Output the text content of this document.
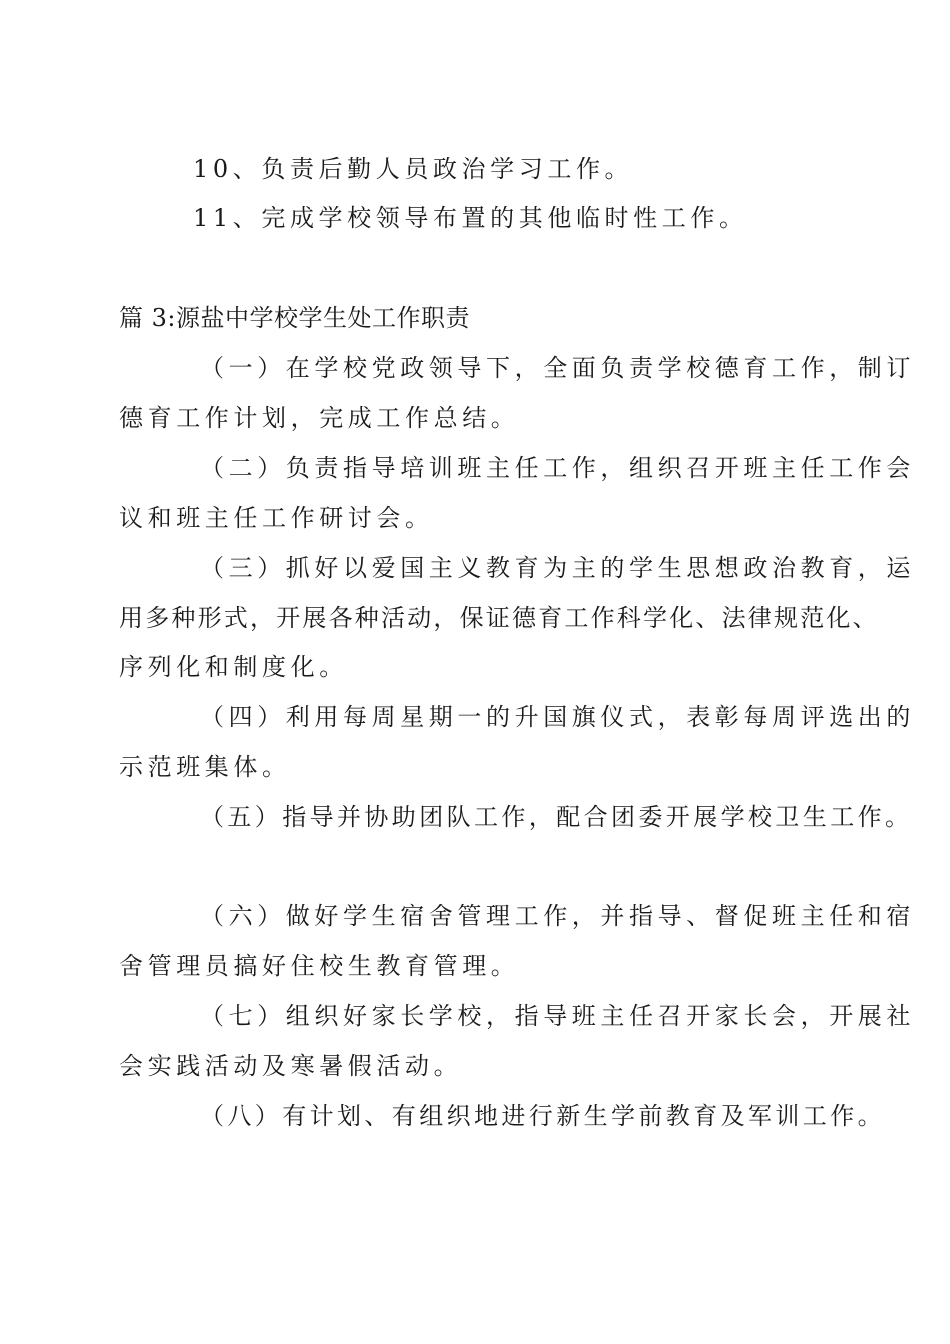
10、负责后勤人员政治学习工作。
11、完成学校领导布置的其他临时性工作。
篇 3:源盐中学校学生处工作职责
（一）在学校党政领导下，全面负责学校德育工作，制订
德育工作计划，完成工作总结。
（二）负责指导培训班主任工作，组织召开班主任工作会
议和班主任工作研讨会。
（三）抓好以爱国主义教育为主的学生思想政治教育，运
用多种形式，开展各种活动，保证德育工作科学化、法律规范化、
序列化和制度化。
（四）利用每周星期一的升国旗仪式，表彰每周评选出的
示范班集体。
（五）指导并协助团队工作，配合团委开展学校卫生工作。
（六）做好学生宿舍管理工作，并指导、督促班主任和宿
舍管理员搞好住校生教育管理。
（七）组织好家长学校，指导班主任召开家长会，开展社
会实践活动及寒暑假活动。
（八）有计划、有组织地进行新生学前教育及军训工作。
